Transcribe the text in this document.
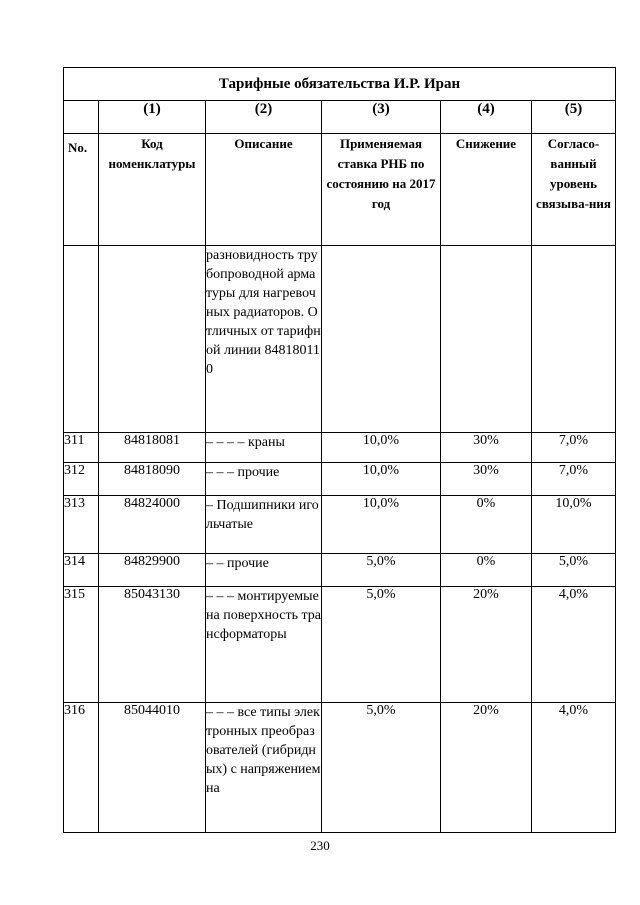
Тарифные обязательства И.Р. Иран					
	(1)	(2)	(3)	(4)	(5)
No.	Код номенклатуры	Описание	Применяемая ставка РНБ по состоянию на 2017 год	Снижение	Согласо-ванный уровень связыва-ния
		разновидность трубопроводной арматуры для нагревочных радиаторов. Отличных от тарифной линии 848180110			
311	84818081	– – – – краны	10,0%	30%	7,0%
312	84818090	– – – прочие	10,0%	30%	7,0%
313	84824000	– Подшипники игольчатые	10,0%	0%	10,0%
314	84829900	– – прочие	5,0%	0%	5,0%
315	85043130	– – – монтируемые на поверхность трансформаторы	5,0%	20%	4,0%
316	85044010	– – – все типы электронных преобразователей (гибридных) с напряжением на	5,0%	20%	4,0%
230
